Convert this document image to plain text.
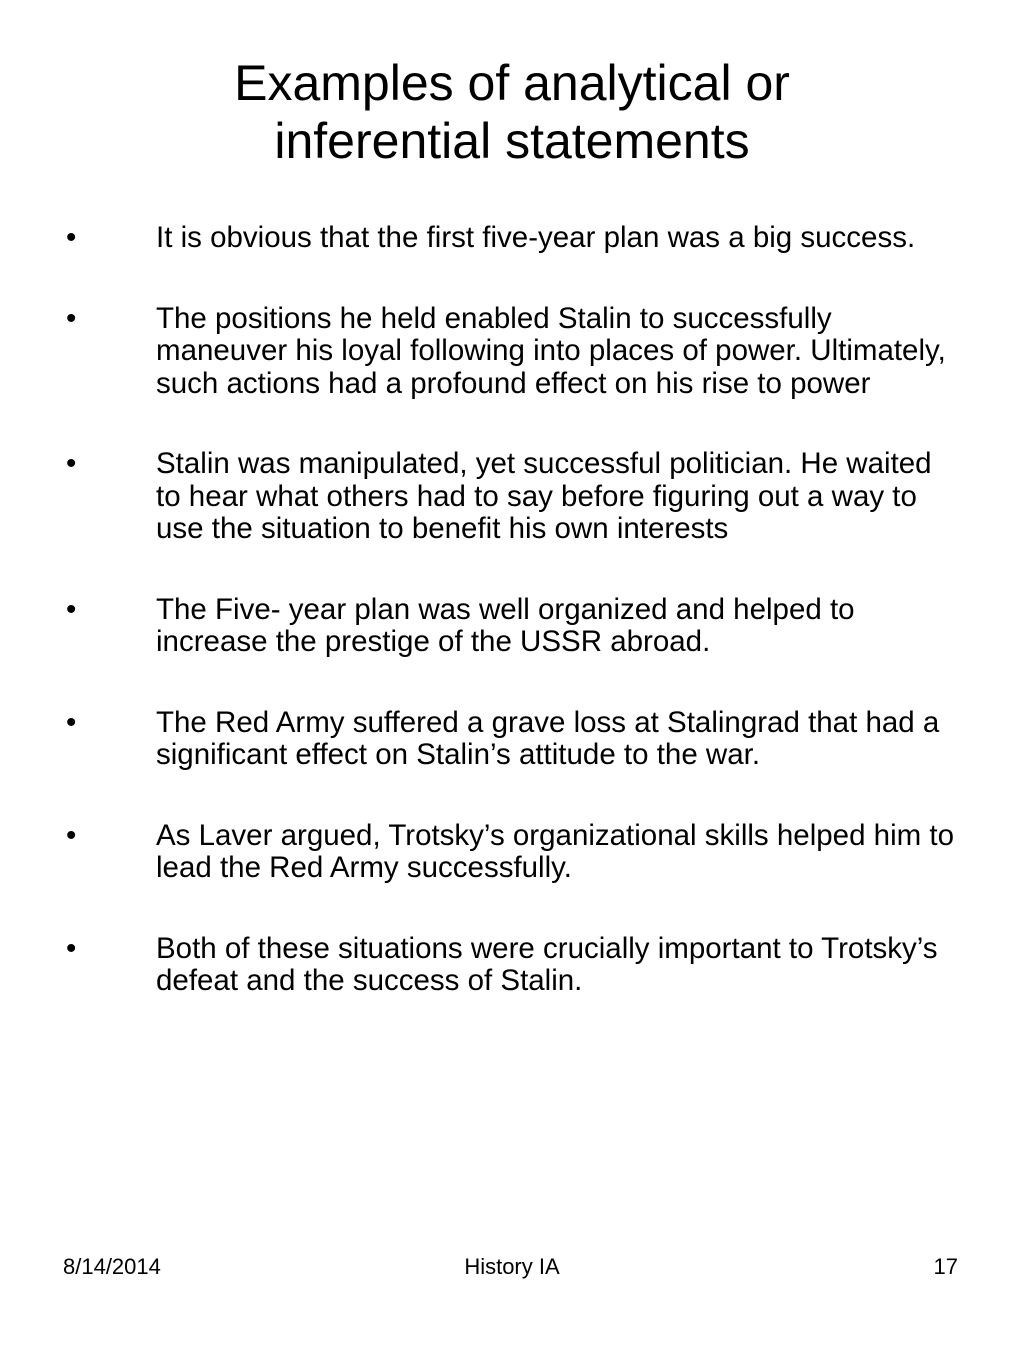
Examples of analytical or
inferential statements
•	It is obvious that the first five-year plan was a big success.
•	The positions he held enabled Stalin to successfully maneuver his loyal following into places of power. Ultimately, such actions had a profound effect on his rise to power
•	Stalin was manipulated, yet successful politician. He waited to hear what others had to say before figuring out a way to use the situation to benefit his own interests
•	The Five- year plan was well organized and helped to increase the prestige of the USSR abroad.
•	The Red Army suffered a grave loss at Stalingrad that had a significant effect on Stalin’s attitude to the war.
•	As Laver argued, Trotsky’s organizational skills helped him to lead the Red Army successfully.
•	Both of these situations were crucially important to Trotsky’s defeat and the success of Stalin.
8/14/2014	History IA	17
